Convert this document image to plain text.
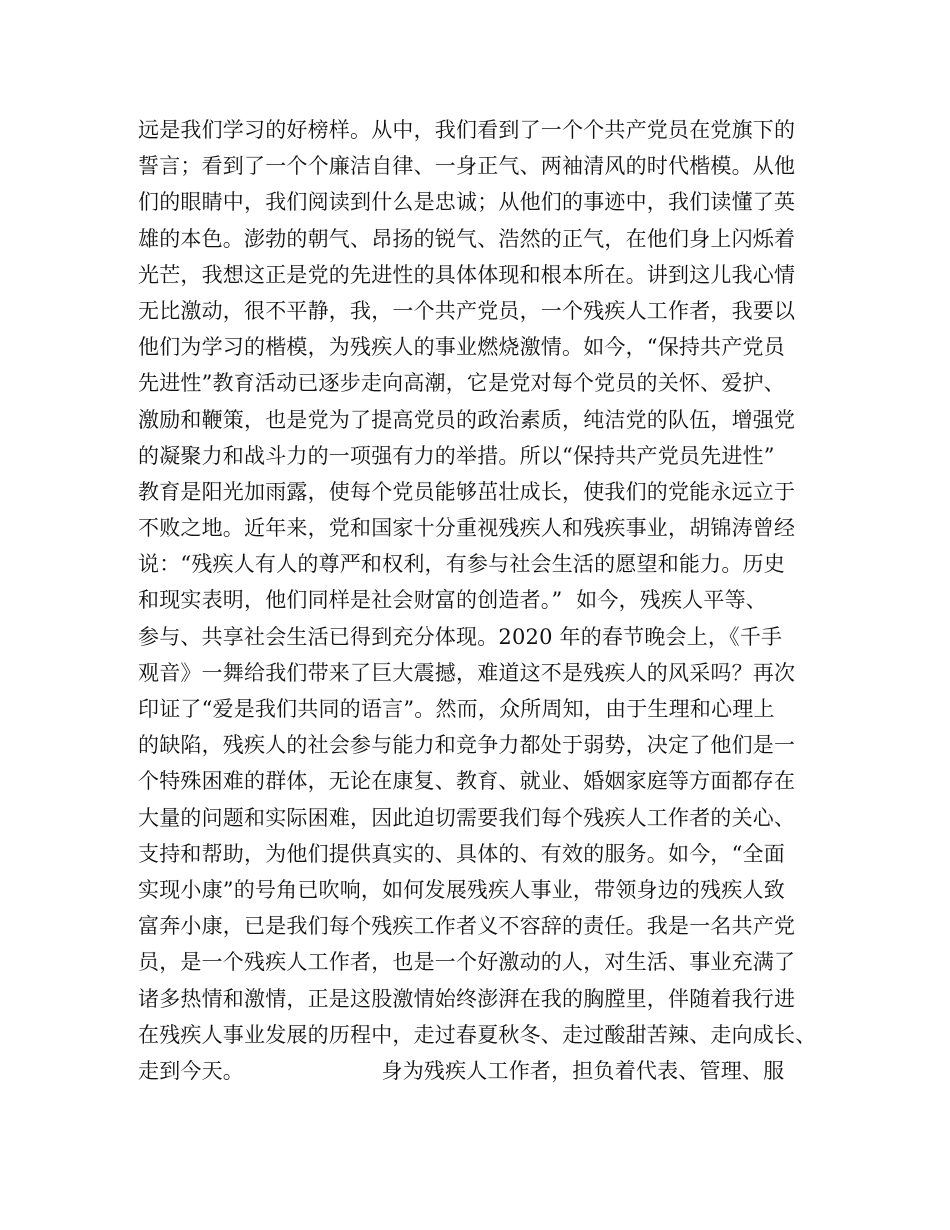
远是我们学习的好榜样。从中，我们看到了一个个共产党员在党旗下的
誓言；看到了一个个廉洁自律、一身正气、两袖清风的时代楷模。从他
们的眼睛中，我们阅读到什么是忠诚；从他们的事迹中，我们读懂了英
雄的本色。澎勃的朝气、昂扬的锐气、浩然的正气，在他们身上闪烁着
光芒，我想这正是党的先进性的具体体现和根本所在。讲到这儿我心情
无比激动，很不平静，我，一个共产党员，一个残疾人工作者，我要以
他们为学习的楷模，为残疾人的事业燃烧激情。如今，“保持共产党员
先进性”教育活动已逐步走向高潮，它是党对每个党员的关怀、爱护、
激励和鞭策，也是党为了提高党员的政治素质，纯洁党的队伍，增强党
的凝聚力和战斗力的一项强有力的举措。所以“保持共产党员先进性”
教育是阳光加雨露，使每个党员能够茁壮成长，使我们的党能永远立于
不败之地。近年来，党和国家十分重视残疾人和残疾事业，胡锦涛曾经
说：“残疾人有人的尊严和权利，有参与社会生活的愿望和能力。历史
和现实表明，他们同样是社会财富的创造者。”  如今，残疾人平等、
参与、共享社会生活已得到充分体现。2020 年的春节晚会上，《千手
观音》一舞给我们带来了巨大震撼，难道这不是残疾人的风采吗？再次
印证了“爱是我们共同的语言”。然而，众所周知，由于生理和心理上
的缺陷，残疾人的社会参与能力和竞争力都处于弱势，决定了他们是一
个特殊困难的群体，无论在康复、教育、就业、婚姻家庭等方面都存在
大量的问题和实际困难，因此迫切需要我们每个残疾人工作者的关心、
支持和帮助，为他们提供真实的、具体的、有效的服务。如今，“全面
实现小康”的号角已吹响，如何发展残疾人事业，带领身边的残疾人致
富奔小康，已是我们每个残疾工作者义不容辞的责任。我是一名共产党
员，是一个残疾人工作者，也是一个好激动的人，对生活、事业充满了
诸多热情和激情，正是这股激情始终澎湃在我的胸膛里，伴随着我行进
在残疾人事业发展的历程中，走过春夏秋冬、走过酸甜苦辣、走向成长、
走到今天。                    身为残疾人工作者，担负着代表、管理、服
